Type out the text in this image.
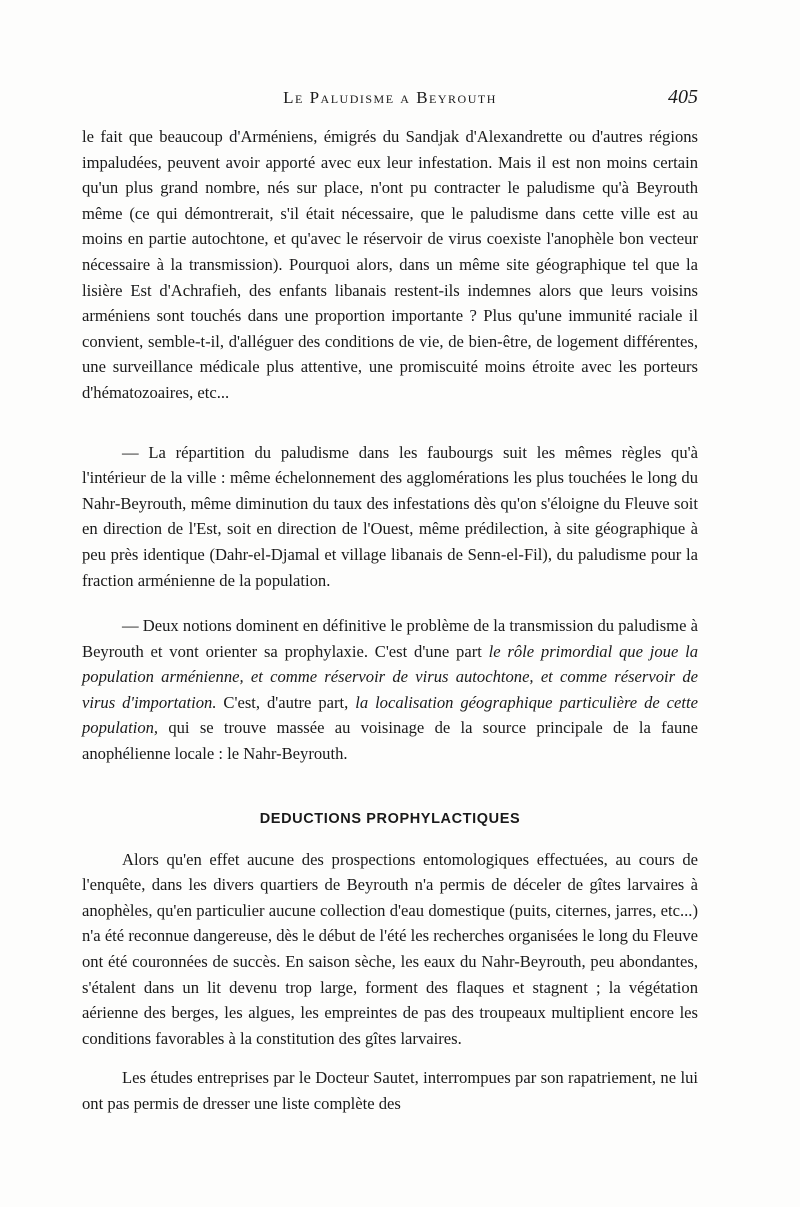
Le Paludisme a Beyrouth	405

le fait que beaucoup d'Arméniens, émigrés du Sandjak d'Alexandrette ou d'autres régions impaludées, peuvent avoir apporté avec eux leur infestation. Mais il est non moins certain qu'un plus grand nombre, nés sur place, n'ont pu contracter le paludisme qu'à Beyrouth même (ce qui démontrerait, s'il était nécessaire, que le paludisme dans cette ville est au moins en partie autochtone, et qu'avec le réservoir de virus coexiste l'anophèle bon vecteur nécessaire à la transmission). Pourquoi alors, dans un même site géographique tel que la lisière Est d'Achrafieh, des enfants libanais restent-ils indemnes alors que leurs voisins arméniens sont touchés dans une proportion importante ? Plus qu'une immunité raciale il convient, semble-t-il, d'alléguer des conditions de vie, de bien-être, de logement différentes, une surveillance médicale plus attentive, une promiscuité moins étroite avec les porteurs d'hématozoaires, etc...

— La répartition du paludisme dans les faubourgs suit les mêmes règles qu'à l'intérieur de la ville : même échelonnement des agglomérations les plus touchées le long du Nahr-Beyrouth, même diminution du taux des infestations dès qu'on s'éloigne du Fleuve soit en direction de l'Est, soit en direction de l'Ouest, même prédilection, à site géographique à peu près identique (Dahr-el-Djamal et village libanais de Senn-el-Fil), du paludisme pour la fraction arménienne de la population.

— Deux notions dominent en définitive le problème de la transmission du paludisme à Beyrouth et vont orienter sa prophylaxie. C'est d'une part le rôle primordial que joue la population arménienne, et comme réservoir de virus autochtone, et comme réservoir de virus d'importation. C'est, d'autre part, la localisation géographique particulière de cette population, qui se trouve massée au voisinage de la source principale de la faune anophélienne locale : le Nahr-Beyrouth.

DEDUCTIONS PROPHYLACTIQUES

Alors qu'en effet aucune des prospections entomologiques effectuées, au cours de l'enquête, dans les divers quartiers de Beyrouth n'a permis de déceler de gîtes larvaires à anophèles, qu'en particulier aucune collection d'eau domestique (puits, citernes, jarres, etc...) n'a été reconnue dangereuse, dès le début de l'été les recherches organisées le long du Fleuve ont été couronnées de succès. En saison sèche, les eaux du Nahr-Beyrouth, peu abondantes, s'étalent dans un lit devenu trop large, forment des flaques et stagnent ; la végétation aérienne des berges, les algues, les empreintes de pas des troupeaux multiplient encore les conditions favorables à la constitution des gîtes larvaires.

Les études entreprises par le Docteur Sautet, interrompues par son rapatriement, ne lui ont pas permis de dresser une liste complète des
